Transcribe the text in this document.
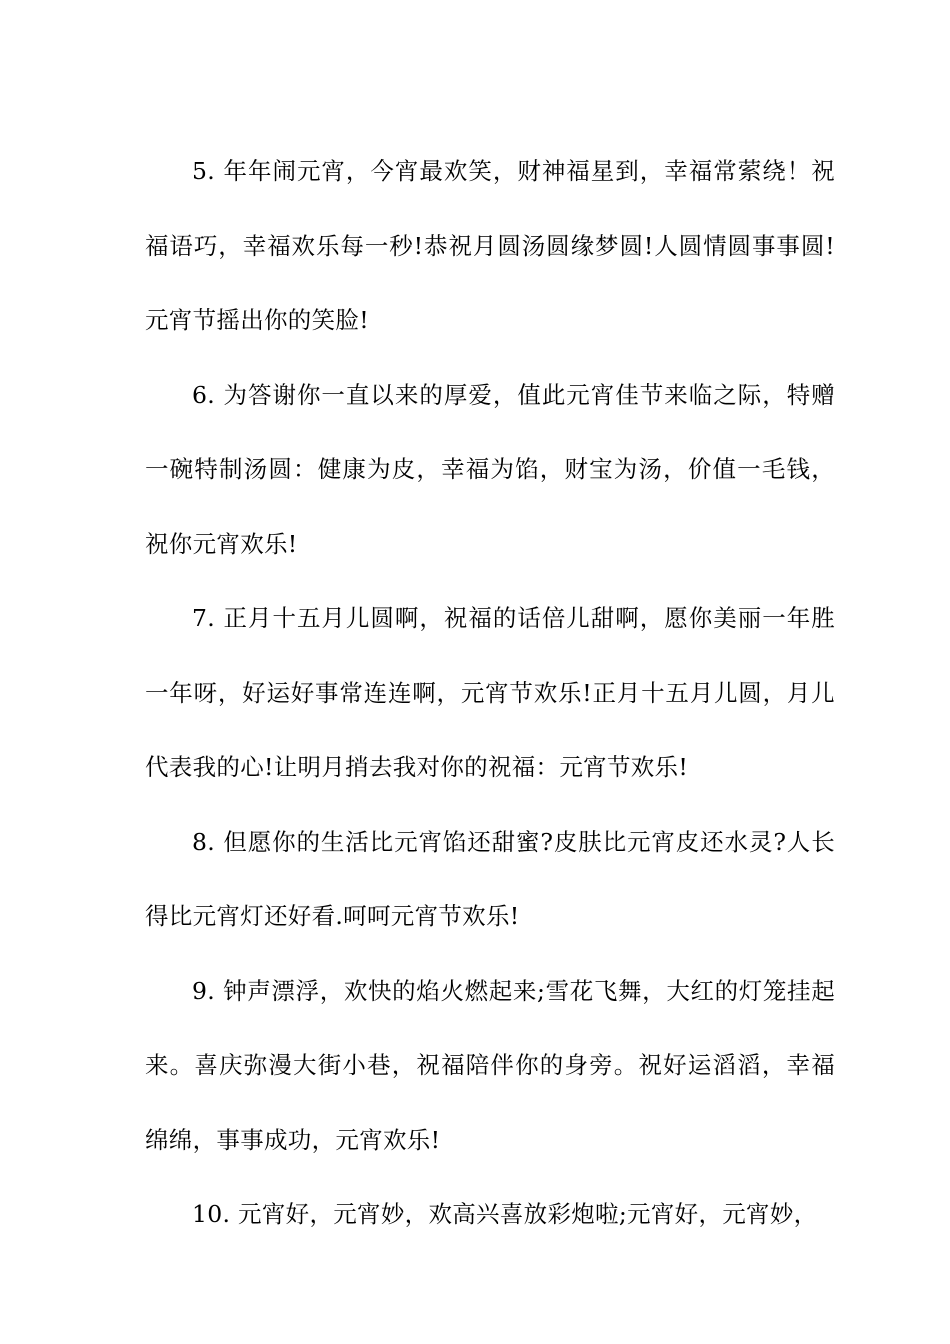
5. 年年闹元宵，今宵最欢笑，财神福星到，幸福常萦绕！祝福语巧，幸福欢乐每一秒!恭祝月圆汤圆缘梦圆!人圆情圆事事圆!元宵节摇出你的笑脸!

6. 为答谢你一直以来的厚爱，值此元宵佳节来临之际，特赠一碗特制汤圆：健康为皮，幸福为馅，财宝为汤，价值一毛钱，祝你元宵欢乐!

7. 正月十五月儿圆啊，祝福的话倍儿甜啊，愿你美丽一年胜一年呀，好运好事常连连啊，元宵节欢乐!正月十五月儿圆，月儿代表我的心!让明月捎去我对你的祝福：元宵节欢乐!

8. 但愿你的生活比元宵馅还甜蜜?皮肤比元宵皮还水灵?人长得比元宵灯还好看.呵呵元宵节欢乐!

9. 钟声漂浮，欢快的焰火燃起来;雪花飞舞，大红的灯笼挂起来。喜庆弥漫大街小巷，祝福陪伴你的身旁。祝好运滔滔，幸福绵绵，事事成功，元宵欢乐!

10. 元宵好，元宵妙，欢高兴喜放彩炮啦;元宵好，元宵妙，
